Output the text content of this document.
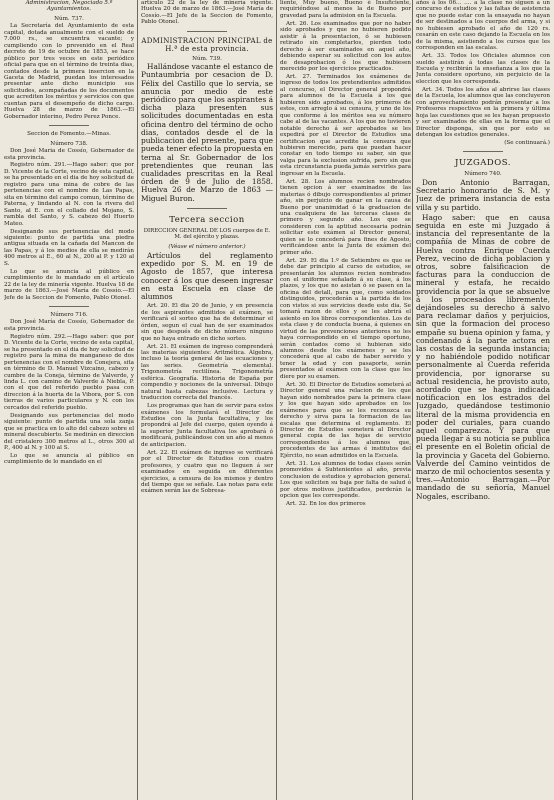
Administracion, Negociado 5.º Ayuntamientos.

Núm. 737.

La Secretaría del Ayuntamiento de esta capital, dotada anualmente con el sueldo de 7.000 rs., se encuentra vacante; y cumpliendo con lo prevenido en el Real decreto de 19 de octubre de 1853, se hace público por tres veces en este periódico oficial para que en el término de treinta dias, contados desde la primera insercion en la Gaceta de Madrid, puedan los interesados presentar ante dicho municipio sus solicitudes, acompañadas de los documentos que acrediten los méritos y servicios con que cuentan para el desempeño de dicho cargo. Huelva 28 de marzo de 1863.—El Gobernador interino, Pedro Perez Ponce.

Seccion de Fomento.—Minas.

Número 738.

Don José Maria de Cossío, Gobernador de esta provincia.

Registro núm. 291.—Hago saber: que por D. Vicente de la Corte, vecino de esta capital, se ha presentado en el dia de hoy solicitud de registro para una mina de cobre de las pertenencias con el nombre de Las Papas, sita en término del campo comun, término de Paterna, y lindando al N. con la rivera del Santo, al E. con el collado del Mojano, S. rambla del Santo, y S. cabezo del Huerto Mateo.

Designando sus pertenencias del modo siguiente: punto de partida una piedra antigua situada en la cañada del Mancon de las Papas, y á los medios de ella se medirán 400 metros al E., 60 al N., 200 al P. y 120 al S.

Lo que se anuncia al público en cumplimiento de lo mandado en el artículo 22 de la ley de minería vigente. Huelva 18 de marzo de 1863.—José María de Cossío.—El Jefe de la Seccion de Fomento, Pablo Otonel.

Número 716.

Don José María de Cossío, Gobernador de esta provincia.

Registro núm. 292.—Hago saber: que por D. Vicente de la Corte, vecino de esta capital, se ha presentado en el dia de hoy solicitud de registro para la mina de manganeso de dos pertenencias con el nombre de Conejera, sita en término de D. Manuel Vizcaino, cabezo y cumbre de la Coneja, término de Valverde, y linda L. con camino de Valverde á Niebla, P. con el que del referido pueblo pasa con direccion á la huerta de la Vibora, por S. con tierras de varios particulares y N. con los cercados del referido pueblo.

Designando sus pertenencias del modo siguiente: punto de partida una sola zanja que se practica en lo alto del cabezo sobre el mineral descubierto. Se medirán en direccion del cristalero 300 metros al L., otros 300 al P., 400 al N. y 100 al S.

Lo que se anuncia al público en cumplimiento de lo mandado en el

artículo 22 de la ley de minería vigente. Huelva 20 de marzo de 1863.—José María de Cossío.—El Jefe de la Seccion de Fomento, Pablo Otonel.

ADMINISTRACION PRINCIPAL de H.ª de esta provincia.

Núm. 739.

Hallándose vacante el estanco de Puntaumbria por cesacion de D. Félix del Castillo que lo servia, se anuncia por medio de este periódico para que los aspirantes á dicha plaza presenten sus solicitudes documentadas en esta oficina dentro del término de ocho dias, contados desde el de la publicacion del presente, para que pueda tener efecto la propuesta en terna al Sr. Gobernador de los pretendientes que reunan las cualidades prescritas en la Real órden de 9 de Julio de 1858. Huelva 26 de Marzo de 1863 —Miguel Buron.

Tercera seccion

DIRECCION GENERAL DE LOS cuerpos de E. M. del ejército y plazas.

(Véase el número anterior.)

Artículos del reglamento expedido por S. M. en 19 de Agosto de 1857, que interesa conocer á los que deseen ingresar en esta Escuela en clase de alumnos

Art. 20. El dia 20 de Junio, y en presencia de los aspirantes admitidos al exámen, se verificará el sorteo que ha de determinar el órden, segun el cual han de ser examinados sin que después de dicho número ninguno que no haya entrado en dicho sorteo.

Art. 21. El exámen de ingreso comprenderá las materias siguientes: Aritmética. Álgebra, incluso la teoría general de las ecuaciones y las series. Geometría elemental. Trigonometría rectilínea. Trigonometría esférica. Geografía. Historia de España por compendio y nociones de la universal. Dibujo natural hasta cabezas inclusive. Lectura y traduccion correcta del francés.

Los programas que han de servir para estos exámenes los formulará el Director de Estudios con la Junta facultativa, y los propondrá al Jefe del cuerpo, quien oyendo á la superior Junta facultativa los aprobará ó modificará, publicándose con un año al menos de anticipacion.

Art. 22. El exámen de ingreso se verificará por el Director de Estudios con cuatro profesores, y cuatro que no lleguen á ser examinados en seguida en diferentes ejercicios, a censura de los mismos y dentro del tiempo que se señale. Las notas para este exámen serán las de Sobresa-

liente, Muy bueno, Bueno é Insuficiente, requiriéndose al menos la de Bueno por gravedad para la admision en la Escuela.

Art. 26. Los examinados que por no haber sido aprobados y que no hubieren podido asistir á la presentacion, ó se hubiesen retirado sin completarlos, pierden todo derecho á ser examinados en aquel año, debiendo esperar su solicitud con los autos de desaprobacion ó los que hubiesen merecido por los ejercicios practicados.

Art. 27. Terminados los exámenes de ingreso de todos los pretendientes admitidos al concurso, el Director general propondrá para alumnos de la Escuela á los que hubieren sido aprobados, á los primeros de estos, con arreglo á su censura, y uno de los que conforme á los méritos sea su número cabe al de las vacantes. A los que no tuvieren notable derecho á ser aprobados se les expedirá por el Director de Estudios una certificacion que acredite la censura que hubieren merecido, para que puedan hacer constar en todo tiempo su saber, sin que valga para la exclusion sufrida, pero sin que esta circunstancia pueda jamás servirles para ingresar en la Escuela.

Art. 28. Los alumnos recien nombrados tienen opcion á ser examinados de las materias ó dibujo correspondientes al primer año, sin perjuicio de ganar en la causa de Bueno por unanimidad ó la graduacion de una cualquiera de las terceras clases de primero y segundo año. Los que se consideren con la aptitud necesaria podrán solicitar este exámen al Director general, quien se lo concederá para fines de Agosto, verificándose ante la Junta de exámen del primer año.

Art. 29. El dia 1.º de Setiembre es que se debe dar principio al curso de estudios, se presentarán los alumnos recien nombrados con el uniforme señalado á su clase, á los plazos, y los que no asistan ó se pasen en la oficina del detall, para que, como soldados distinguidos, procederán a la partida de los con vistos si sus servicios desde este dia. Se tomará razon de ellos y se les abrirá el asiento en los libros correspondientes. Los de esta clase y de conducta buena, á quienes en virtud de las prevenciones anteriores no les haya correspondido en el tiempo oportuno, serán contados como si hubieran sido alumnos desde los exámenes y se les concederá que al cabo de haber servido y tener la edad y con pasaporte, serán presentados al exámen con la clase que les diere por su examen.

Art. 30. El Director de Estudios someterá al Director general una relacion de los que hayan sido nombrados para la primera clase y los que hayan sido aprobados en los exámenes para que se les reconozca su derecho y sirva para la formacion de las escalas que determina el reglamento. El Director de Estudios someterá al Director general copia de las hojas de servicio correspondientes á los alumnos que, procedentes de las armas é institutos del Ejército, no sean admitidos en la Escuela.

Art. 31. Los alumnos de todas clases serán promovidos á Subtenientes al año, previa conclusion de estudios y aprobacion general. Los que soliciten su baja por falta de salud ó por otros motivos justificados, perderán la opcion que les corresponde.

Art. 32. En los dos primeros

años á los 06... .... a la clase no siguen a un concurso de estudios y las faltas de asistencia que no puede estar con la ensayada no hayan de ser destinados a los cuerpos del arma, y si no hubiesen aprobado el año de 120 rs. cesarán en este caso dejando la Escuela en los de la misma, asistiendo a los cursos que les corresponden en las escalas.

Art. 33. Todos los Oficiales alumnos con sueldo asistirán á todas las clases de la Escuela y recibirán la enseñanza a los que la Junta considere oportuno, sin perjuicio de la eleccion que les corresponda.

Art. 34. Todos los años al abrirse las clases de la Escuela, los alumnos que las concluyeron con aprovechamiento podrán presentar a los Profesores respectivos en la primera y última hoja las cuestiones que se les hayan propuesto y ser examinados de ellas en la forma que el Director disponga, sin que por esto se detengan los estudios generales.

(Se continuará.)

JUZGADOS.

Número 740.

Don Antonio Barragan, Secretario honorario de S. M. y Juez de primera instancia de esta villa y su partido.

Hago saber: que en causa seguida en este mi Juzgado á instancia del representante de la compañía de Minas de cobre de Huelva contra Enrique Cuerda Perez, vecino de dicha poblacion y otros, sobre falsificacion de facturas para la conduccion de mineral y estafa, he recaido providencia por la que se absuelve á los procesados libremente, dejándoseles su derecho á salvo para reclamar daños y perjuicios, sin que la formacion del proceso empañe su buena opinion y fama, y condenando á la parte actora en las costas de la segunda instancia; y no habiéndole podido notificar personalmente al Cuerda referida providencia, por ignorarse su actual residencia, he provisto auto, acordado que se haga indicada notificacion en los estrados del Juzgado, quedándose testimonio literal de la misma providencia en poder del curiales, para cuando aquel comparezca. Y para que pueda llegar á su noticia se publica el presente en el Boletin oficial de la provincia y Gaceta del Gobierno. Valverde del Camino veintidos de marzo de mil ochocientos sesenta y tres.—Antonio Barragan.—Por mandado de su señoría, Manuel Nogales, escribano.
